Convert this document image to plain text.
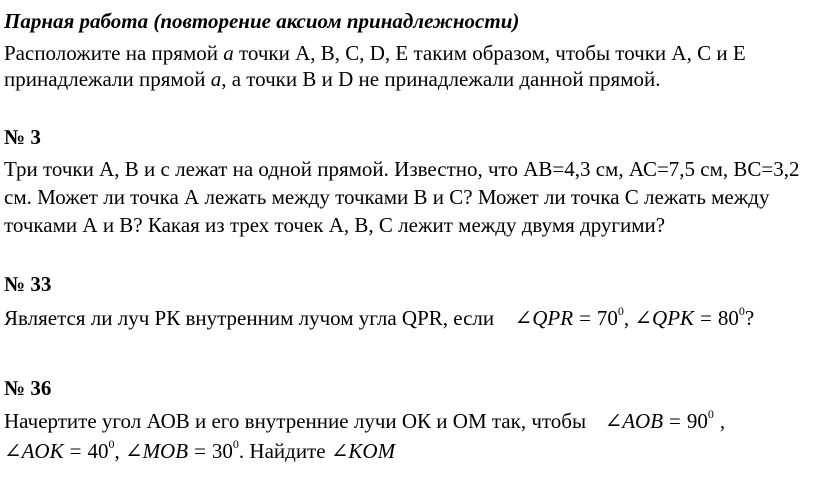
Парная работа (повторение аксиом принадлежности)
Расположите на прямой а точки А, В, С, D, Е таким образом, чтобы точки А, С и Е
принадлежали прямой а, а точки В и D не принадлежали данной прямой.
№ 3
Три точки А, В и с лежат на одной прямой. Известно, что АВ=4,3 см, АС=7,5 см, ВС=3,2
см. Может ли точка А лежать между точками В и С? Может ли точка С лежать между
точками А и В? Какая из трех точек А, В, С лежит между двумя другими?
№ 33
Является ли луч РК внутренним лучом угла QPR, если ∠QPR = $70^0$, ∠QPK = $80^0$?
№ 36
Начертите угол АОВ и его внутренние лучи ОК и ОМ так, чтобы ∠AOB = $90^0$ ,
∠AOK = $40^0$, ∠MOB = $30^0$. Найдите ∠KOM
